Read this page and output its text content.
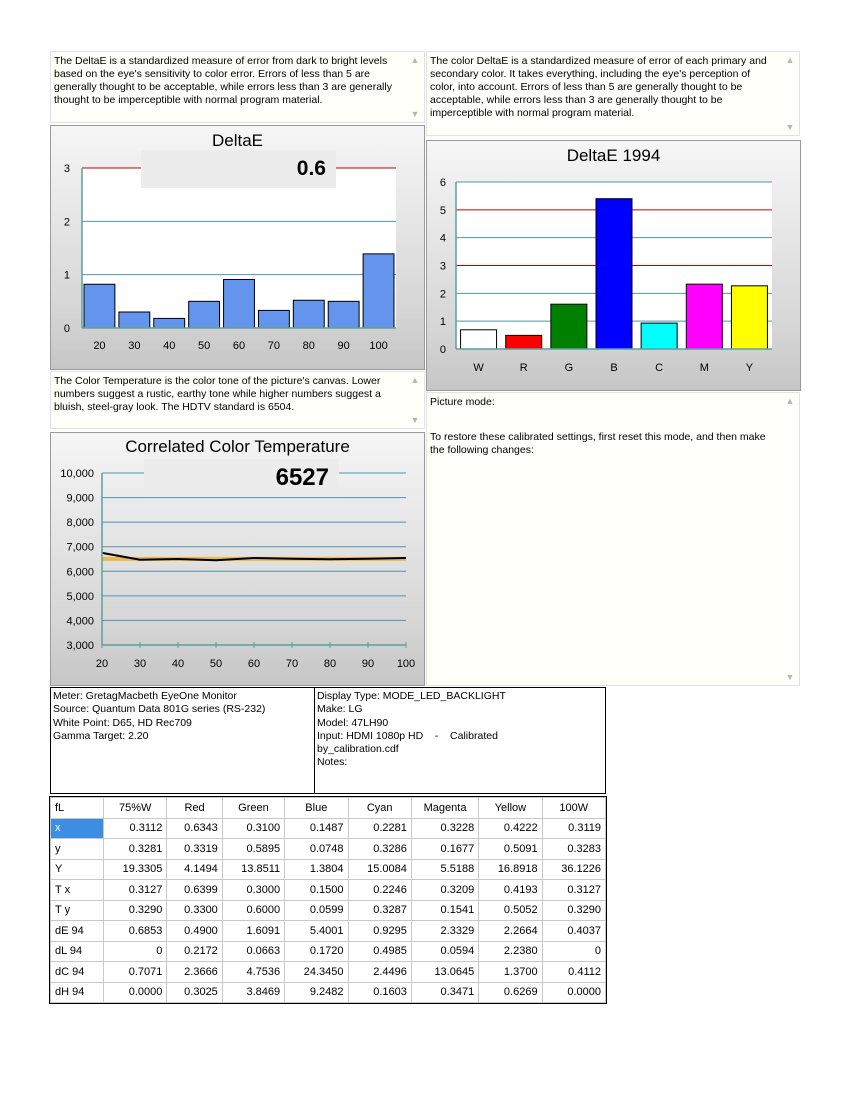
The DeltaE is a standardized measure of error from dark to bright levels based on the eye's sensitivity to color error. Errors of less than 5 are generally thought to be acceptable, while errors less than 3 are generally thought to be imperceptible with normal program material.
▲
▼
The color DeltaE is a standardized measure of error of each primary and secondary color. It takes everything, including the eye's perception of color, into account. Errors of less than 5 are generally thought to be acceptable, while errors less than 3 are generally thought to be imperceptible with normal program material.
▲
▼
The Color Temperature is the color tone of the picture's canvas. Lower numbers suggest a rustic, earthy tone while higher numbers suggest a bluish, steel-gray look. The HDTV standard is 6504.
▲
▼
Picture mode:
To restore these calibrated settings, first reset this mode, and then make the following changes:
▲
▼
DeltaE
0
1
2
3
20 30 40 50 60 70 80 90 100
0.6
DeltaE 1994
0
1
2
3
4
5
6
W	R	G	B	C	M	Y
Correlated Color Temperature
3,000
4,000
5,000
6,000
7,000
8,000
9,000
10,000
20 30 40 50 60 70 80 90 100
6527
Meter: GretagMacbeth EyeOne Monitor
Source: Quantum Data 801G series (RS-232)
White Point: D65, HD Rec709
Gamma Target: 2.20
Display Type: MODE_LED_BACKLIGHT
Make: LG
Model: 47LH90
Input: HDMI 1080p HD    -    Calibrated
by_calibration.cdf
Notes:
fL	75%W	Red	Green	Blue	Cyan	Magenta	Yellow	100W
x	0.3112	0.6343	0.3100	0.1487	0.2281	0.3228	0.4222	0.3119
y	0.3281	0.3319	0.5895	0.0748	0.3286	0.1677	0.5091	0.3283
Y	19.3305	4.1494	13.8511	1.3804	15.0084	5.5188	16.8918	36.1226
T x	0.3127	0.6399	0.3000	0.1500	0.2246	0.3209	0.4193	0.3127
T y	0.3290	0.3300	0.6000	0.0599	0.3287	0.1541	0.5052	0.3290
dE 94	0.6853	0.4900	1.6091	5.4001	0.9295	2.3329	2.2664	0.4037
dL 94	0	0.2172	0.0663	0.1720	0.4985	0.0594	2.2380	0
dC 94	0.7071	2.3666	4.7536	24.3450	2.4496	13.0645	1.3700	0.4112
dH 94	0.0000	0.3025	3.8469	9.2482	0.1603	0.3471	0.6269	0.0000
